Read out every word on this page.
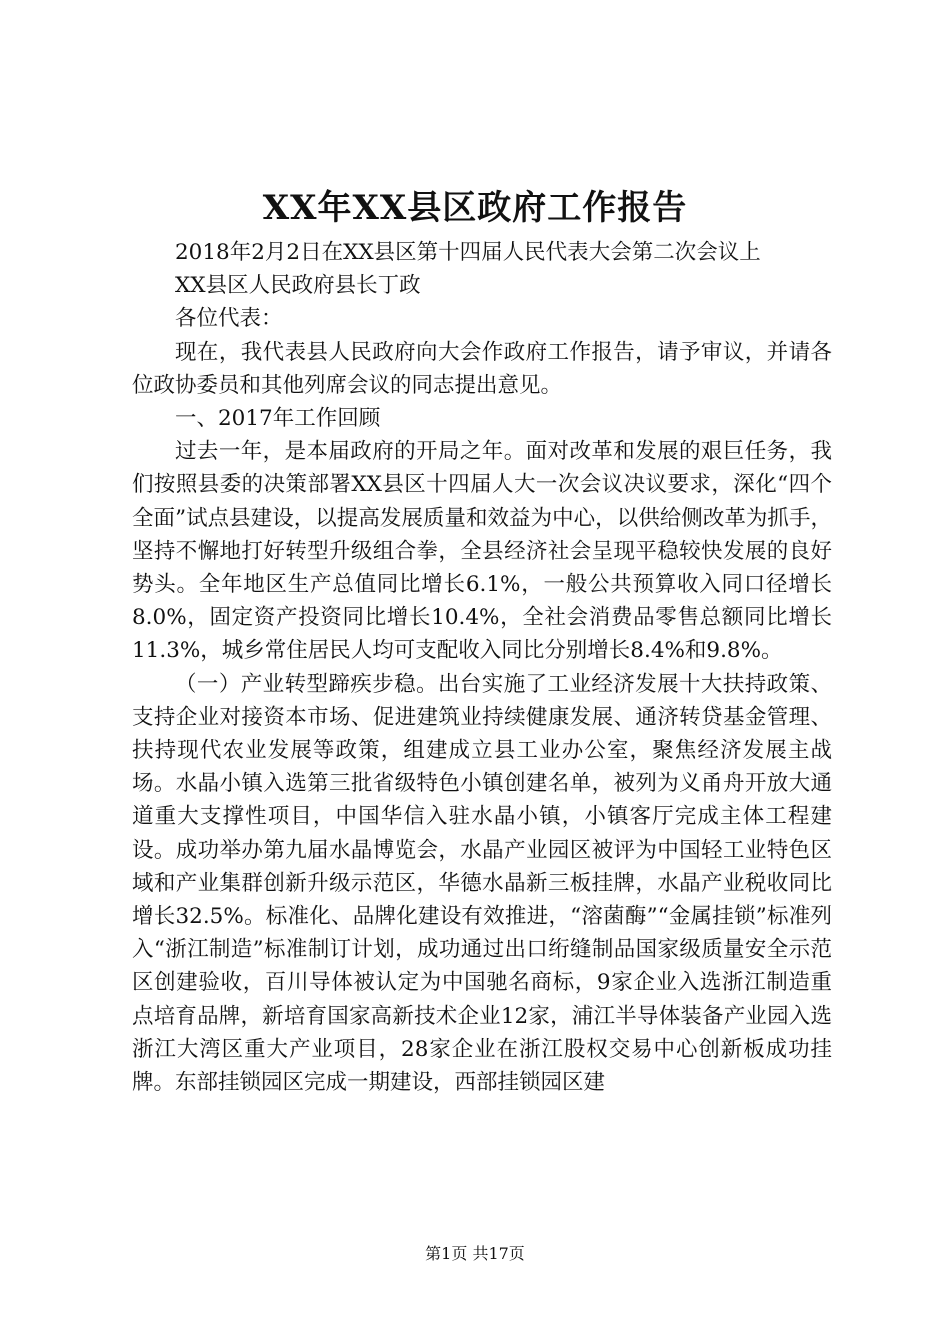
XX年XX县区政府工作报告

2018年2月2日在XX县区第十四届人民代表大会第二次会议上

XX县区人民政府县长丁政

各位代表：

现在，我代表县人民政府向大会作政府工作报告，请予审议，并请各位政协委员和其他列席会议的同志提出意见。

一、2017年工作回顾

过去一年，是本届政府的开局之年。面对改革和发展的艰巨任务，我们按照县委的决策部署XX县区十四届人大一次会议决议要求，深化“四个全面”试点县建设，以提高发展质量和效益为中心，以供给侧改革为抓手，坚持不懈地打好转型升级组合拳，全县经济社会呈现平稳较快发展的良好势头。全年地区生产总值同比增长6.1%，一般公共预算收入同口径增长8.0%，固定资产投资同比增长10.4%，全社会消费品零售总额同比增长11.3%，城乡常住居民人均可支配收入同比分别增长8.4%和9.8%。

（一）产业转型蹄疾步稳。出台实施了工业经济发展十大扶持政策、支持企业对接资本市场、促进建筑业持续健康发展、通济转贷基金管理、扶持现代农业发展等政策，组建成立县工业办公室，聚焦经济发展主战场。水晶小镇入选第三批省级特色小镇创建名单，被列为义甬舟开放大通道重大支撑性项目，中国华信入驻水晶小镇，小镇客厅完成主体工程建设。成功举办第九届水晶博览会，水晶产业园区被评为中国轻工业特色区域和产业集群创新升级示范区，华德水晶新三板挂牌，水晶产业税收同比增长32.5%。标准化、品牌化建设有效推进，“溶菌酶”“金属挂锁”标准列入“浙江制造”标准制订计划，成功通过出口绗缝制品国家级质量安全示范区创建验收，百川导体被认定为中国驰名商标，9家企业入选浙江制造重点培育品牌，新培育国家高新技术企业12家，浦江半导体装备产业园入选浙江大湾区重大产业项目，28家企业在浙江股权交易中心创新板成功挂牌。东部挂锁园区完成一期建设，西部挂锁园区建

第1页 共17页
